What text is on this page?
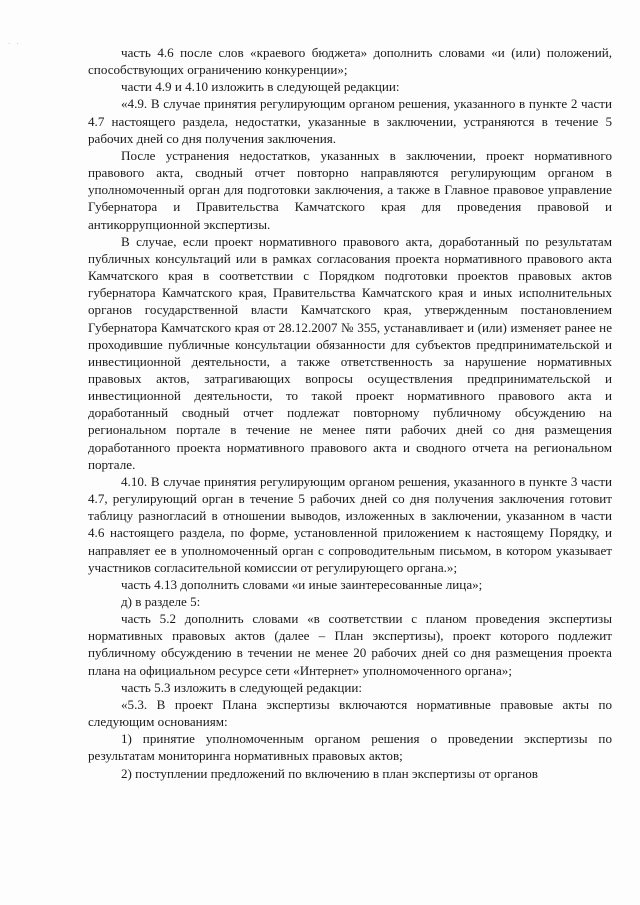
· ·

часть 4.6 после слов «краевого бюджета» дополнить словами «и (или) положений, способствующих ограничению конкуренции»;

части 4.9 и 4.10 изложить в следующей редакции:

«4.9. В случае принятия регулирующим органом решения, указанного в пункте 2 части 4.7 настоящего раздела, недостатки, указанные в заключении, устраняются в течение 5 рабочих дней со дня получения заключения.

После устранения недостатков, указанных в заключении, проект нормативного правового акта, сводный отчет повторно направляются регулирующим органом в уполномоченный орган для подготовки заключения, а также в Главное правовое управление Губернатора и Правительства Камчатского края для проведения правовой и антикоррупционной экспертизы.

В случае, если проект нормативного правового акта, доработанный по результатам публичных консультаций или в рамках согласования проекта нормативного правового акта Камчатского края в соответствии с Порядком подготовки проектов правовых актов губернатора Камчатского края, Правительства Камчатского края и иных исполнительных органов государственной власти Камчатского края, утвержденным постановлением Губернатора Камчатского края от 28.12.2007 № 355, устанавливает и (или) изменяет ранее не проходившие публичные консультации обязанности для субъектов предпринимательской и инвестиционной деятельности, а также ответственность за нарушение нормативных правовых актов, затрагивающих вопросы осуществления предпринимательской и инвестиционной деятельности, то такой проект нормативного правового акта и доработанный сводный отчет подлежат повторному публичному обсуждению на региональном портале в течение не менее пяти рабочих дней со дня размещения доработанного проекта нормативного правового акта и сводного отчета на региональном портале.

4.10. В случае принятия регулирующим органом решения, указанного в пункте 3 части 4.7, регулирующий орган в течение 5 рабочих дней со дня получения заключения готовит таблицу разногласий в отношении выводов, изложенных в заключении, указанном в части 4.6 настоящего раздела, по форме, установленной приложением к настоящему Порядку, и направляет ее в уполномоченный орган с сопроводительным письмом, в котором указывает участников согласительной комиссии от регулирующего органа.»;

часть 4.13 дополнить словами «и иные заинтересованные лица»;

д) в разделе 5:

часть 5.2 дополнить словами «в соответствии с планом проведения экспертизы нормативных правовых актов (далее – План экспертизы), проект которого подлежит публичному обсуждению в течении не менее 20 рабочих дней со дня размещения проекта плана на официальном ресурсе сети «Интернет» уполномоченного органа»;

часть 5.3 изложить в следующей редакции:

«5.3. В проект Плана экспертизы включаются нормативные правовые акты по следующим основаниям:

1) принятие уполномоченным органом решения о проведении экспертизы по результатам мониторинга нормативных правовых актов;

2) поступлении предложений по включению в план экспертизы от органов
